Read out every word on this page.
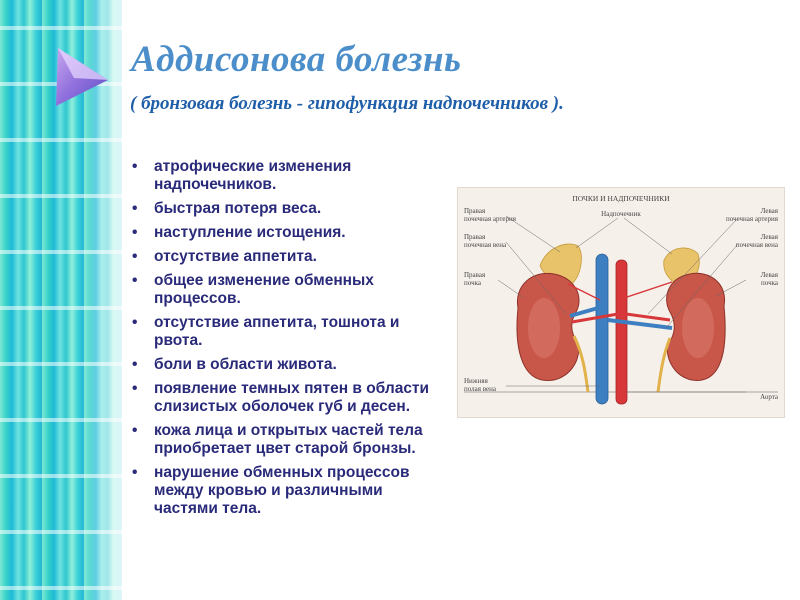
Аддисонова болезнь
( бронзовая болезнь - гипофункция надпочечников ).
• атрофические изменения надпочечников.
• быстрая потеря веса.
• наступление истощения.
• отсутствие аппетита.
• общее изменение обменных процессов.
• отсутствие аппетита, тошнота и рвота.
• боли в области живота.
• появление темных пятен в области слизистых оболочек губ и десен.
• кожа лица и открытых частей тела приобретает цвет старой бронзы.
• нарушение обменных процессов между кровью и различными частями тела.
ПОЧКИ И НАДПОЧЕЧНИКИ
Правая
почечная артерия
Правая
почечная вена
Правая
почка
Нижняя
полая вена
Надпочечник	Левая
почечная артерия
Левая
почечная вена
Левая
почка
Аорта
